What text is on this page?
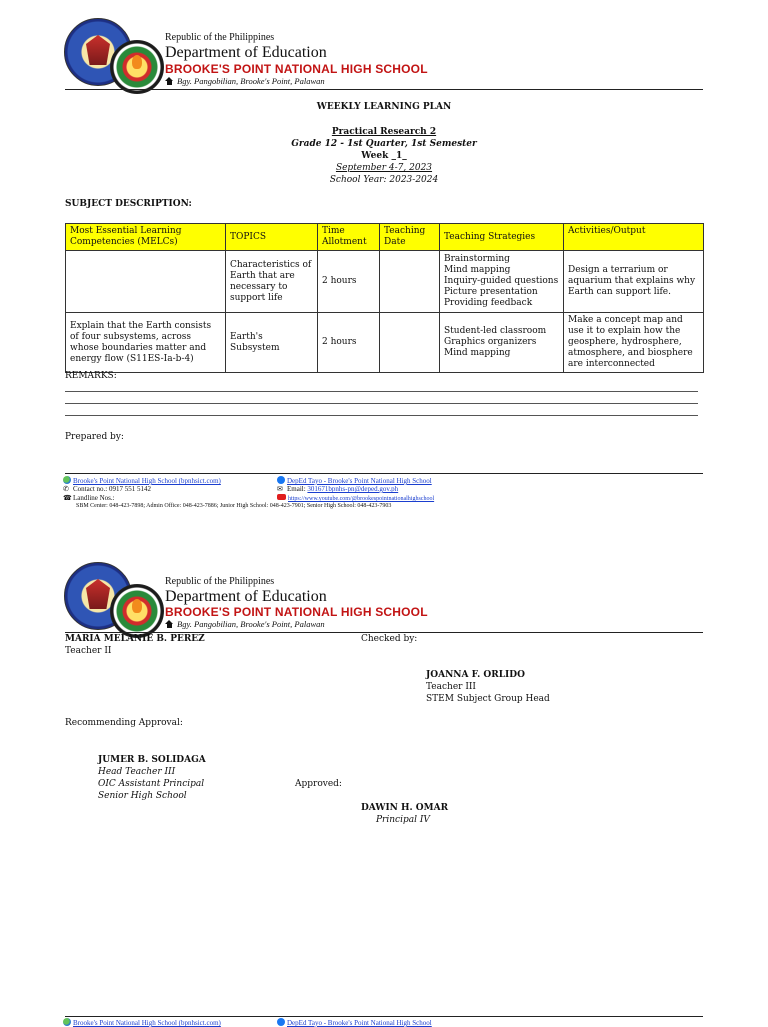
Republic of the Philippines
Department of Education
BROOKE'S POINT NATIONAL HIGH SCHOOL
Bgy. Pangobilian, Brooke's Point, Palawan
WEEKLY LEARNING PLAN
Practical Research 2
Grade 12 - 1st Quarter, 1st Semester
Week _1_
September 4-7, 2023
School Year: 2023-2024
SUBJECT DESCRIPTION:
Most Essential Learning Competencies (MELCs)	TOPICS	Time Allotment	Teaching Date	Teaching Strategies	Activities/Output
	Characteristics of Earth that are necessary to support life	2 hours		Brainstorming
Mind mapping
Inquiry-guided questions
Picture presentation
Providing feedback	Design a terrarium or aquarium that explains why Earth can support life.
Explain that the Earth consists of four subsystems, across whose boundaries matter and energy flow (S11ES-Ia-b-4)	Earth's Subsystem	2 hours		Student-led classroom
Graphics organizers
Mind mapping	Make a concept map and use it to explain how the geosphere, hydrosphere, atmosphere, and biosphere are interconnected
REMARKS:
Prepared by:
Brooke's Point National High School (bpnhsict.com)	DepEd Tayo - Brooke's Point National High School
✆ Contact no.: 0917 551 5142	✉ Email: 301671bpnhs-pn@deped.gov.ph
☎Landline Nos.:	https://www.youtube.com/@brookespointnationalhighschool
SBM Center: 048-423-7898; Admin Office: 048-423-7886; Junior High School: 048-423-7901; Senior High School: 048-423-7903
Republic of the Philippines
Department of Education
BROOKE'S POINT NATIONAL HIGH SCHOOL
Bgy. Pangobilian, Brooke's Point, Palawan
MARIA MELANIE B. PEREZ
Teacher II
Checked by:
JOANNA F. ORLIDO
Teacher III
STEM Subject Group Head
Recommending Approval:
JUMER B. SOLIDAGA
Head Teacher III
OIC Assistant Principal
Senior High School
Approved:
DAWIN H. OMAR
Principal IV
Brooke's Point National High School (bpnhsict.com)	DepEd Tayo - Brooke's Point National High School
